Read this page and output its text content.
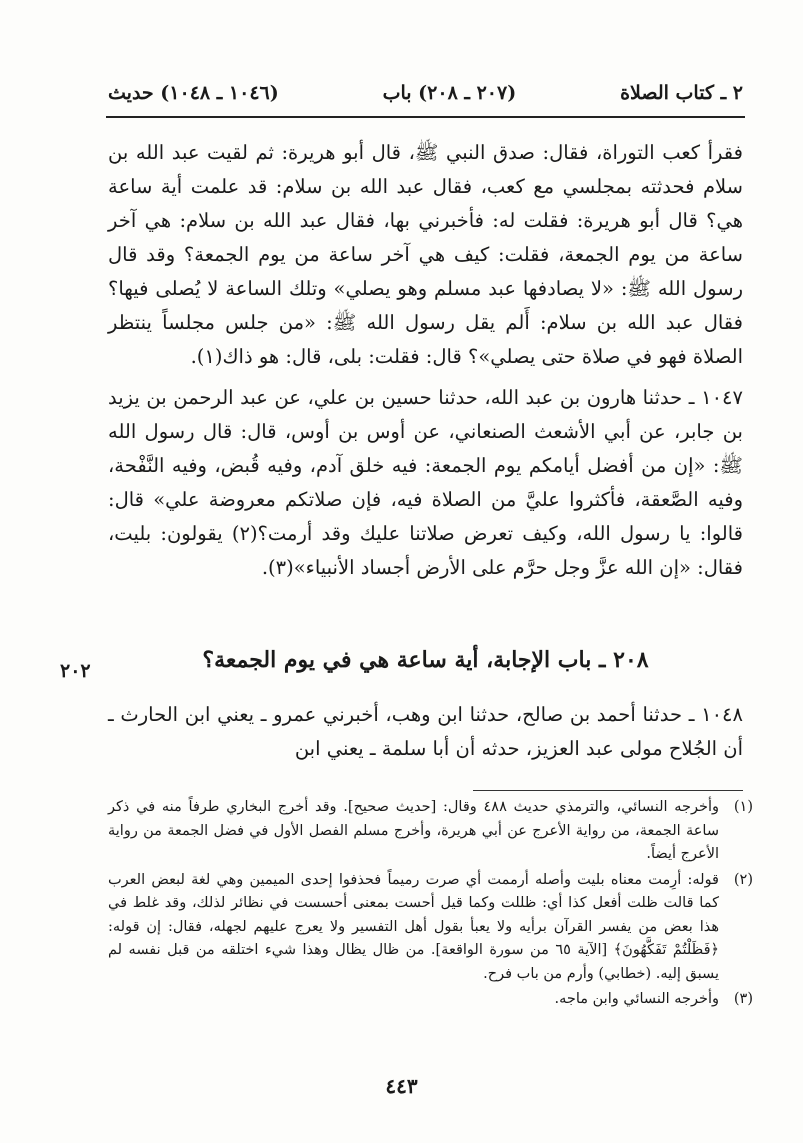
٢ ـ كتاب الصلاة
(٢٠٧ ـ ٢٠٨) باب
(١٠٤٦ ـ ١٠٤٨) حديث

فقرأ كعب التوراة، فقال: صدق النبي ﷺ، قال أبو هريرة: ثم لقيت عبد الله بن سلام فحدثته بمجلسي مع كعب، فقال عبد الله بن سلام: قد علمت أية ساعة هي؟ قال أبو هريرة: فقلت له: فأخبرني بها، فقال عبد الله بن سلام: هي آخر ساعة من يوم الجمعة، فقلت: كيف هي آخر ساعة من يوم الجمعة؟ وقد قال رسول الله ﷺ: «لا يصادفها عبد مسلم وهو يصلي» وتلك الساعة لا يُصلى فيها؟ فقال عبد الله بن سلام: أَلم يقل رسول الله ﷺ: «من جلس مجلساً ينتظر الصلاة فهو في صلاة حتى يصلي»؟ قال: فقلت: بلى، قال: هو ذاك(١).

١٠٤٧ ـ حدثنا هارون بن عبد الله، حدثنا حسين بن علي، عن عبد الرحمن بن يزيد بن جابر، عن أبي الأشعث الصنعاني، عن أوس بن أوس، قال: قال رسول الله ﷺ: «إن من أفضل أيامكم يوم الجمعة: فيه خلق آدم، وفيه قُبض، وفيه النَّفْحة، وفيه الصَّعقة، فأكثروا عليَّ من الصلاة فيه، فإن صلاتكم معروضة علي» قال: قالوا: يا رسول الله، وكيف تعرض صلاتنا عليك وقد أرمت؟(٢) يقولون: بليت، فقال: «إن الله عزَّ وجل حرَّم على الأرض أجساد الأنبياء»(٣).

٢٠٨ ـ باب الإجابة، أية ساعة هي في يوم الجمعة؟
٢٠٢

١٠٤٨ ـ حدثنا أحمد بن صالح، حدثنا ابن وهب، أخبرني عمرو ـ يعني ابن الحارث ـ أن الجُلاح مولى عبد العزيز، حدثه أن أبا سلمة ـ يعني ابن

(١)
وأخرجه النسائي، والترمذي حديث ٤٨٨ وقال: [حديث صحيح]. وقد أخرج البخاري طرفاً منه في ذكر ساعة الجمعة، من رواية الأعرج عن أبي هريرة، وأخرج مسلم الفصل الأول في فضل الجمعة من رواية الأعرج أيضاً.
(٢)
قوله: أرِمت معناه بليت وأصله أرممت أي صرت رميماً فحذفوا إحدى الميمين وهي لغة لبعض العرب كما قالت ظلت أفعل كذا أي: ظللت وكما قيل أحست بمعنى أحسست في نظائر لذلك، وقد غلط في هذا بعض من يفسر القرآن برأيه ولا يعبأ بقول أهل التفسير ولا يعرج عليهم لجهله، فقال: إن قوله: ﴿فَظَلْتُمْ تَفَكَّهُونَ﴾ [الآية ٦٥ من سورة الواقعة]. من ظال يظال وهذا شيء اختلقه من قبل نفسه لم يسبق إليه. (خطابي) وأرم من باب فرح.
(٣)
وأخرجه النسائي وابن ماجه.
٤٤٣
